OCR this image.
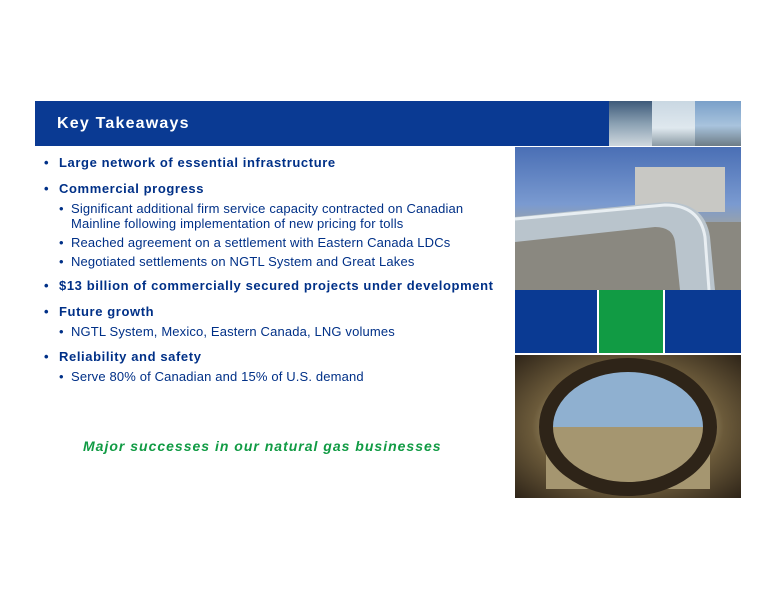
Key Takeaways
• Large network of essential infrastructure
• Commercial progress
• Significant additional firm service capacity contracted on Canadian Mainline following implementation of new pricing for tolls
• Reached agreement on a settlement with Eastern Canada LDCs
• Negotiated settlements on NGTL System and Great Lakes
• $13 billion of commercially secured projects under development
• Future growth
• NGTL System, Mexico, Eastern Canada, LNG volumes
• Reliability and safety
• Serve 80% of Canadian and 15% of U.S. demand
Major successes in our natural gas businesses
